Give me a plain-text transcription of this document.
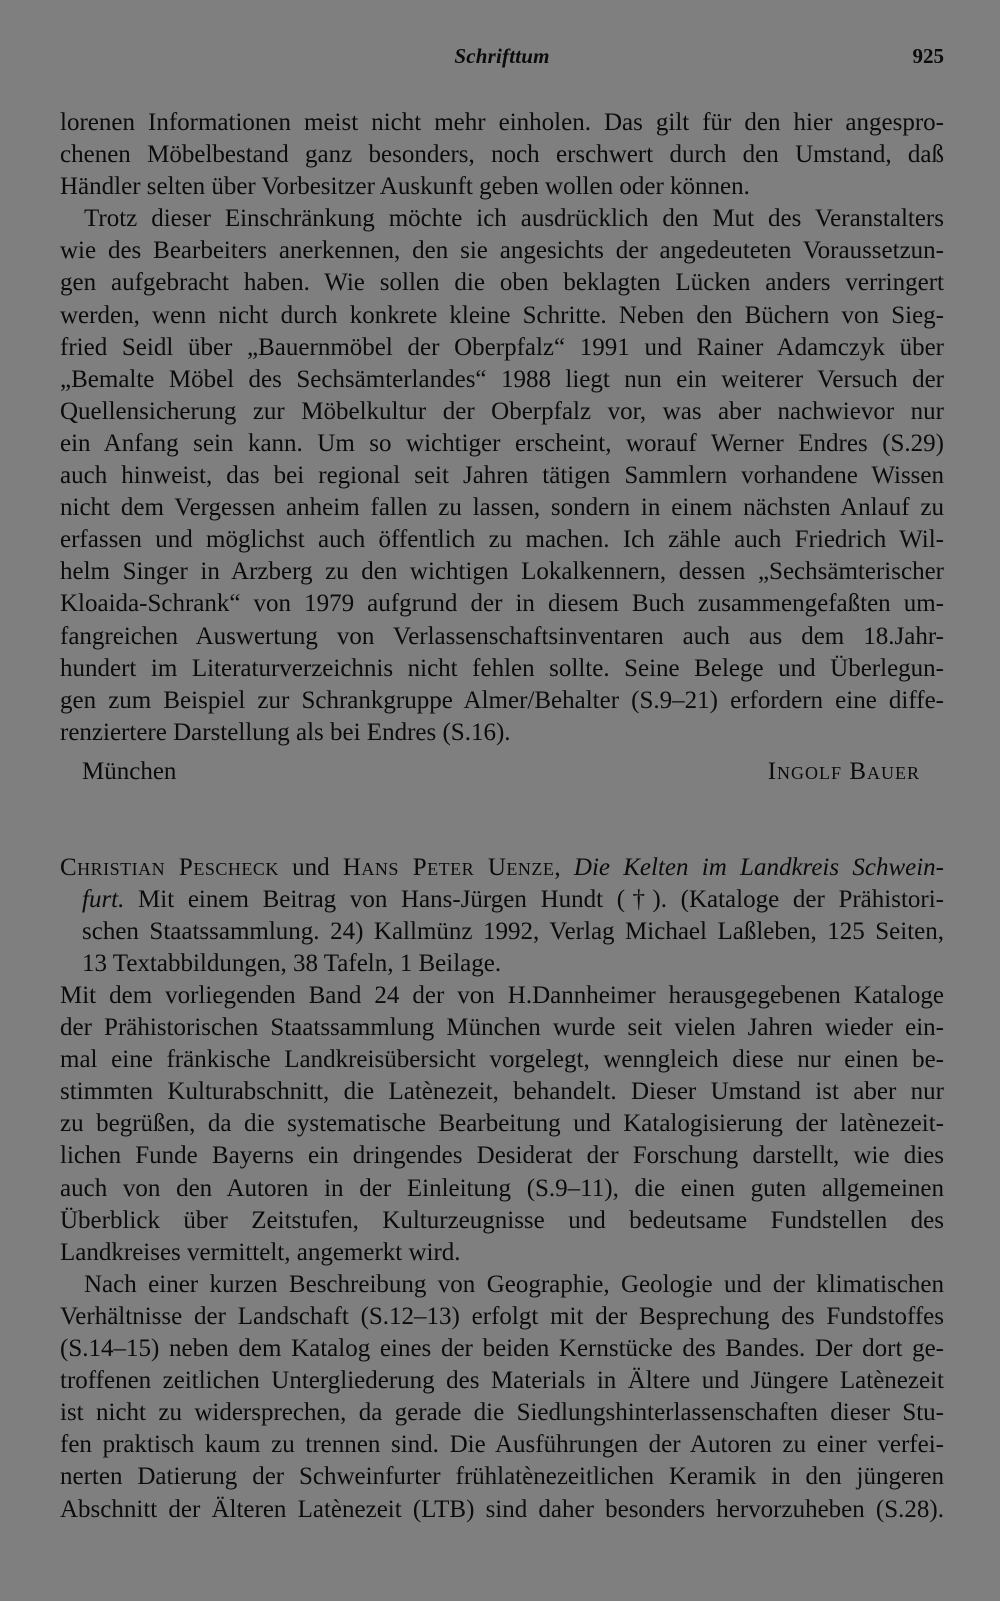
Schrifttum	925
lorenen Informationen meist nicht mehr einholen. Das gilt für den hier angespro-
chenen Möbelbestand ganz besonders, noch erschwert durch den Umstand, daß
Händler selten über Vorbesitzer Auskunft geben wollen oder können.
Trotz dieser Einschränkung möchte ich ausdrücklich den Mut des Veranstalters
wie des Bearbeiters anerkennen, den sie angesichts der angedeuteten Voraussetzun-
gen aufgebracht haben. Wie sollen die oben beklagten Lücken anders verringert
werden, wenn nicht durch konkrete kleine Schritte. Neben den Büchern von Sieg-
fried Seidl über „Bauernmöbel der Oberpfalz“ 1991 und Rainer Adamczyk über
„Bemalte Möbel des Sechsämterlandes“ 1988 liegt nun ein weiterer Versuch der
Quellensicherung zur Möbelkultur der Oberpfalz vor, was aber nachwievor nur
ein Anfang sein kann. Um so wichtiger erscheint, worauf Werner Endres (S.29)
auch hinweist, das bei regional seit Jahren tätigen Sammlern vorhandene Wissen
nicht dem Vergessen anheim fallen zu lassen, sondern in einem nächsten Anlauf zu
erfassen und möglichst auch öffentlich zu machen. Ich zähle auch Friedrich Wil-
helm Singer in Arzberg zu den wichtigen Lokalkennern, dessen „Sechsämterischer
Kloaida-Schrank“ von 1979 aufgrund der in diesem Buch zusammengefaßten um-
fangreichen Auswertung von Verlassenschaftsinventaren auch aus dem 18.Jahr-
hundert im Literaturverzeichnis nicht fehlen sollte. Seine Belege und Überlegun-
gen zum Beispiel zur Schrankgruppe Almer/Behalter (S.9–21) erfordern eine diffe-
renziertere Darstellung als bei Endres (S.16).
München	Ingolf Bauer
Christian Pescheck und Hans Peter Uenze, Die Kelten im Landkreis Schwein-
furt. Mit einem Beitrag von Hans-Jürgen Hundt (†). (Kataloge der Prähistori-
schen Staatssammlung. 24) Kallmünz 1992, Verlag Michael Laßleben, 125 Seiten,
13 Textabbildungen, 38 Tafeln, 1 Beilage.
Mit dem vorliegenden Band 24 der von H.Dannheimer herausgegebenen Kataloge
der Prähistorischen Staatssammlung München wurde seit vielen Jahren wieder ein-
mal eine fränkische Landkreisübersicht vorgelegt, wenngleich diese nur einen be-
stimmten Kulturabschnitt, die Latènezeit, behandelt. Dieser Umstand ist aber nur
zu begrüßen, da die systematische Bearbeitung und Katalogisierung der latènezeit-
lichen Funde Bayerns ein dringendes Desiderat der Forschung darstellt, wie dies
auch von den Autoren in der Einleitung (S.9–11), die einen guten allgemeinen
Überblick über Zeitstufen, Kulturzeugnisse und bedeutsame Fundstellen des
Landkreises vermittelt, angemerkt wird.
Nach einer kurzen Beschreibung von Geographie, Geologie und der klimatischen
Verhältnisse der Landschaft (S.12–13) erfolgt mit der Besprechung des Fundstoffes
(S.14–15) neben dem Katalog eines der beiden Kernstücke des Bandes. Der dort ge-
troffenen zeitlichen Untergliederung des Materials in Ältere und Jüngere Latènezeit
ist nicht zu widersprechen, da gerade die Siedlungshinterlassenschaften dieser Stu-
fen praktisch kaum zu trennen sind. Die Ausführungen der Autoren zu einer verfei-
nerten Datierung der Schweinfurter frühlatènezeitlichen Keramik in den jüngeren
Abschnitt der Älteren Latènezeit (LTB) sind daher besonders hervorzuheben (S.28).
